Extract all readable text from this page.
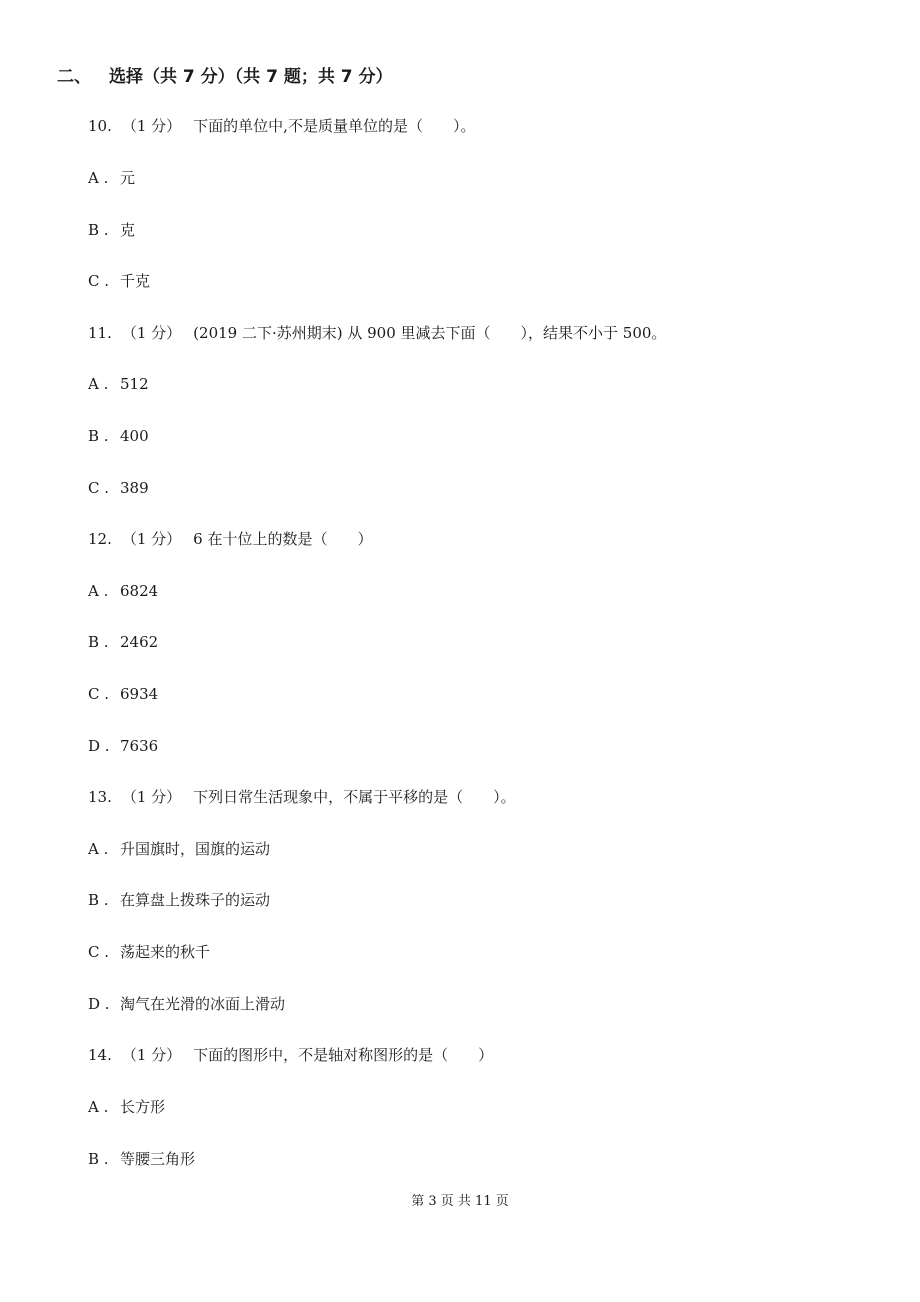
二、 选择（共 7 分）（共 7 题；共 7 分）
10. （1 分） 下面的单位中,不是质量单位的是（　　）。
A . 元
B . 克
C . 千克
11. （1 分） (2019 二下·苏州期末) 从 900 里减去下面（　　），结果不小于 500。
A . 512
B . 400
C . 389
12. （1 分） 6 在十位上的数是（　　）
A . 6824
B . 2462
C . 6934
D . 7636
13. （1 分） 下列日常生活现象中，不属于平移的是（　　）。
A . 升国旗时，国旗的运动
B . 在算盘上拨珠子的运动
C . 荡起来的秋千
D . 淘气在光滑的冰面上滑动
14. （1 分） 下面的图形中，不是轴对称图形的是（　　）
A . 长方形
B . 等腰三角形
第 3 页 共 11 页
